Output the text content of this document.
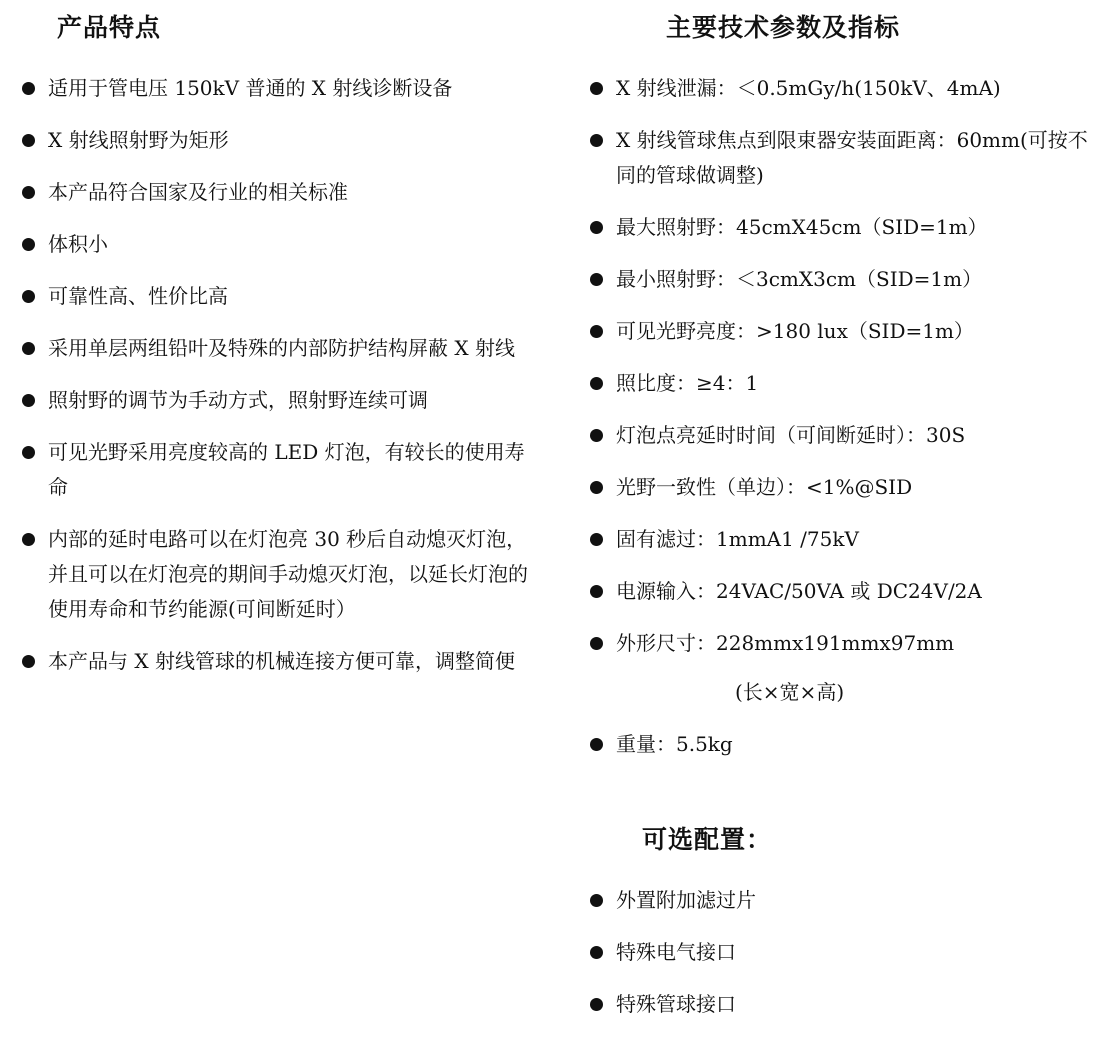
产品特点
适用于管电压 150kV 普通的 X 射线诊断设备
X 射线照射野为矩形
本产品符合国家及行业的相关标准
体积小
可靠性高、性价比高
采用单层两组铅叶及特殊的内部防护结构屏蔽 X 射线
照射野的调节为手动方式，照射野连续可调
可见光野采用亮度较高的 LED 灯泡，有较长的使用寿命
内部的延时电路可以在灯泡亮 30 秒后自动熄灭灯泡，并且可以在灯泡亮的期间手动熄灭灯泡，以延长灯泡的使用寿命和节约能源(可间断延时）
本产品与 X 射线管球的机械连接方便可靠，调整简便
主要技术参数及指标
X 射线泄漏：＜0.5mGy/h(150kV、4mA)
X 射线管球焦点到限束器安装面距离：60mm(可按不同的管球做调整)
最大照射野：45cmX45cm（SID=1m）
最小照射野：＜3cmX3cm（SID=1m）
可见光野亮度：>180 lux（SID=1m）
照比度：≥4：1
灯泡点亮延时时间（可间断延时）：30S
光野一致性（单边）：<1%@SID
固有滤过：1mmA1 /75kV
电源输入：24VAC/50VA 或 DC24V/2A
外形尺寸：228mmx191mmx97mm
(长×宽×高)
重量：5.5kg
可选配置：
外置附加滤过片
特殊电气接口
特殊管球接口
